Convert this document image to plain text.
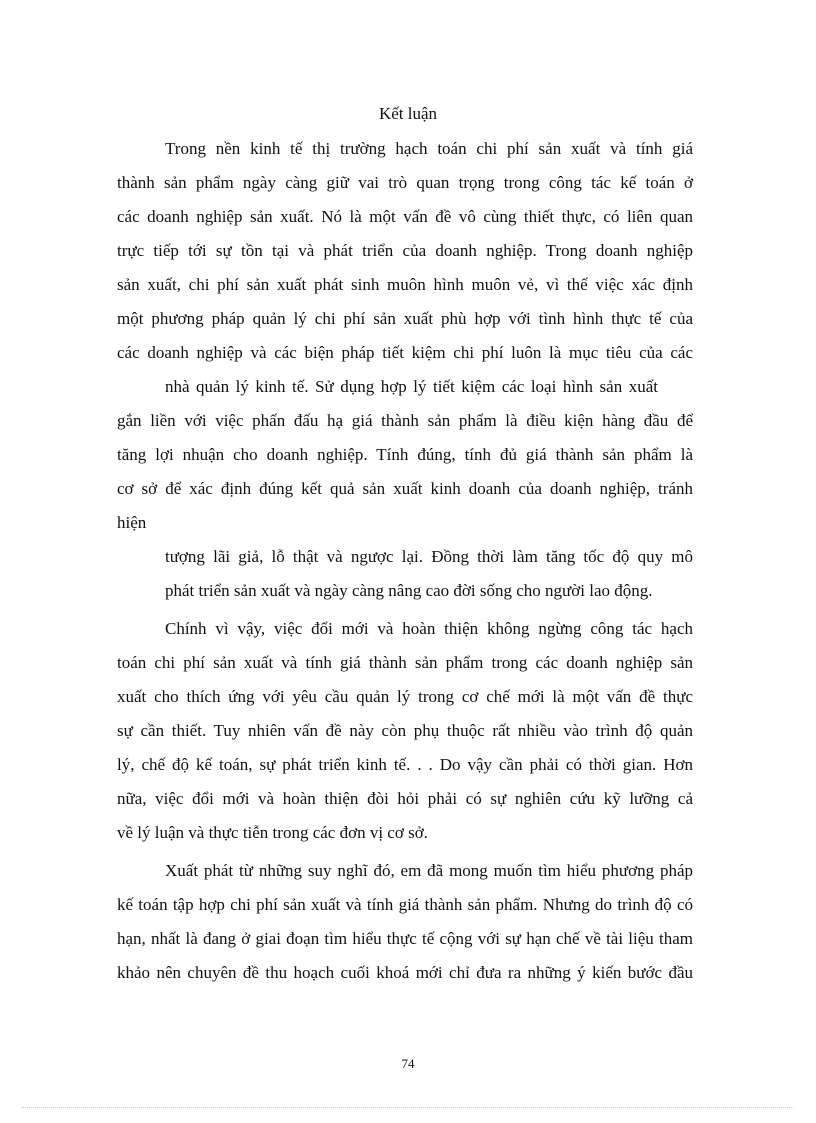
Kết luận
Trong nền kinh tế thị trường hạch toán chi phí sản xuất và tính giá
thành sản phẩm ngày càng giữ vai trò quan trọng trong công tác kế toán ở
các doanh nghiệp sản xuất. Nó là một vấn đề vô cùng thiết thực, có liên quan
trực tiếp tới sự tồn tại và phát triển của doanh nghiệp. Trong doanh nghiệp
sản xuất, chi phí sản xuất phát sinh muôn hình muôn vẻ, vì thế việc xác định
một phương pháp quản lý chi phí sản xuất phù hợp với tình hình thực tế của
các doanh nghiệp và các biện pháp tiết kiệm chi phí luôn là mục tiêu của các
nhà quản lý kinh tế. Sử dụng hợp lý tiết kiệm các loại hình sản xuất
gắn liền với việc phấn đấu hạ giá thành sản phẩm là điều kiện hàng đầu để
tăng lợi nhuận cho doanh nghiệp. Tính đúng, tính đủ giá thành sản phẩm là
cơ sở để xác định đúng kết quả sản xuất kinh doanh của doanh nghiệp, tránh
hiện
tượng lãi giả, lỗ thật và ngược lại. Đồng thời làm tăng tốc độ quy mô
phát triển sản xuất và ngày càng nâng cao đời sống cho người lao động.
Chính vì vậy, việc đổi mới và hoàn thiện không ngừng công tác hạch
toán chi phí sản xuất và tính giá thành sản phẩm trong các doanh nghiệp sản
xuất cho thích ứng với yêu cầu quản lý trong cơ chế mới là một vấn đề thực
sự cần thiết. Tuy nhiên vấn đề này còn phụ thuộc rất nhiều vào trình độ quản
lý, chế độ kế toán, sự phát triển kinh tế. . . Do vậy cần phải có thời gian. Hơn
nữa, việc đổi mới và hoàn thiện đòi hỏi phải có sự nghiên cứu kỹ lưỡng cả
về lý luận và thực tiễn trong các đơn vị cơ sở.
Xuất phát từ những suy nghĩ đó, em đã mong muốn tìm hiểu phương pháp
kế toán tập hợp chi phí sản xuất và tính giá thành sản phẩm. Nhưng do trình độ có
hạn, nhất là đang ở giai đoạn tìm hiểu thực tế cộng với sự hạn chế về tài liệu tham
khảo nên chuyên đề thu hoạch cuối khoá mới chỉ đưa ra những ý kiến bước đầu
74
